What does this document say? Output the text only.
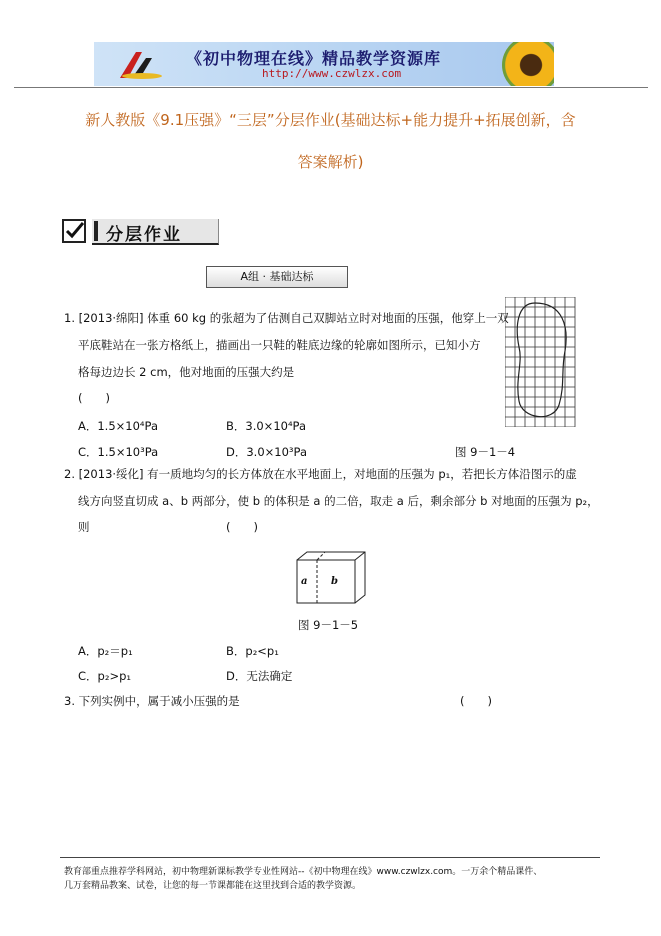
《初中物理在线》精品教学资源库
http://www.czwlzx.com
新人教版《9.1压强》“三层”分层作业(基础达标+能力提升+拓展创新，含
答案解析)
分层作业
A组 · 基础达标
1. [2013·绵阳] 体重 60 kg 的张超为了估测自己双脚站立时对地面的压强，他穿上一双
平底鞋站在一张方格纸上，描画出一只鞋的鞋底边缘的轮廓如图所示，已知小方
格每边边长 2 cm，他对地面的压强大约是
(　　)
A．1.5×10⁴Pa	B．3.0×10⁴Pa
C．1.5×10³Pa	D．3.0×10³Pa	图 9－1－4
2. [2013·绥化] 有一质地均匀的长方体放在水平地面上，对地面的压强为 p₁，若把长方体沿图示的虚
线方向竖直切成 a、b 两部分，使 b 的体积是 a 的二倍，取走 a 后，剩余部分 b 对地面的压强为 p₂，
则	(　　)
a b
图 9－1－5
A．p₂＝p₁	B．p₂<p₁
C．p₂>p₁	D．无法确定
3. 下列实例中，属于减小压强的是	(　　)
教育部重点推荐学科网站，初中物理新课标教学专业性网站--《初中物理在线》www.czwlzx.com。一万余个精品课件、
几万套精品教案、试卷，让您的每一节课都能在这里找到合适的教学资源。
